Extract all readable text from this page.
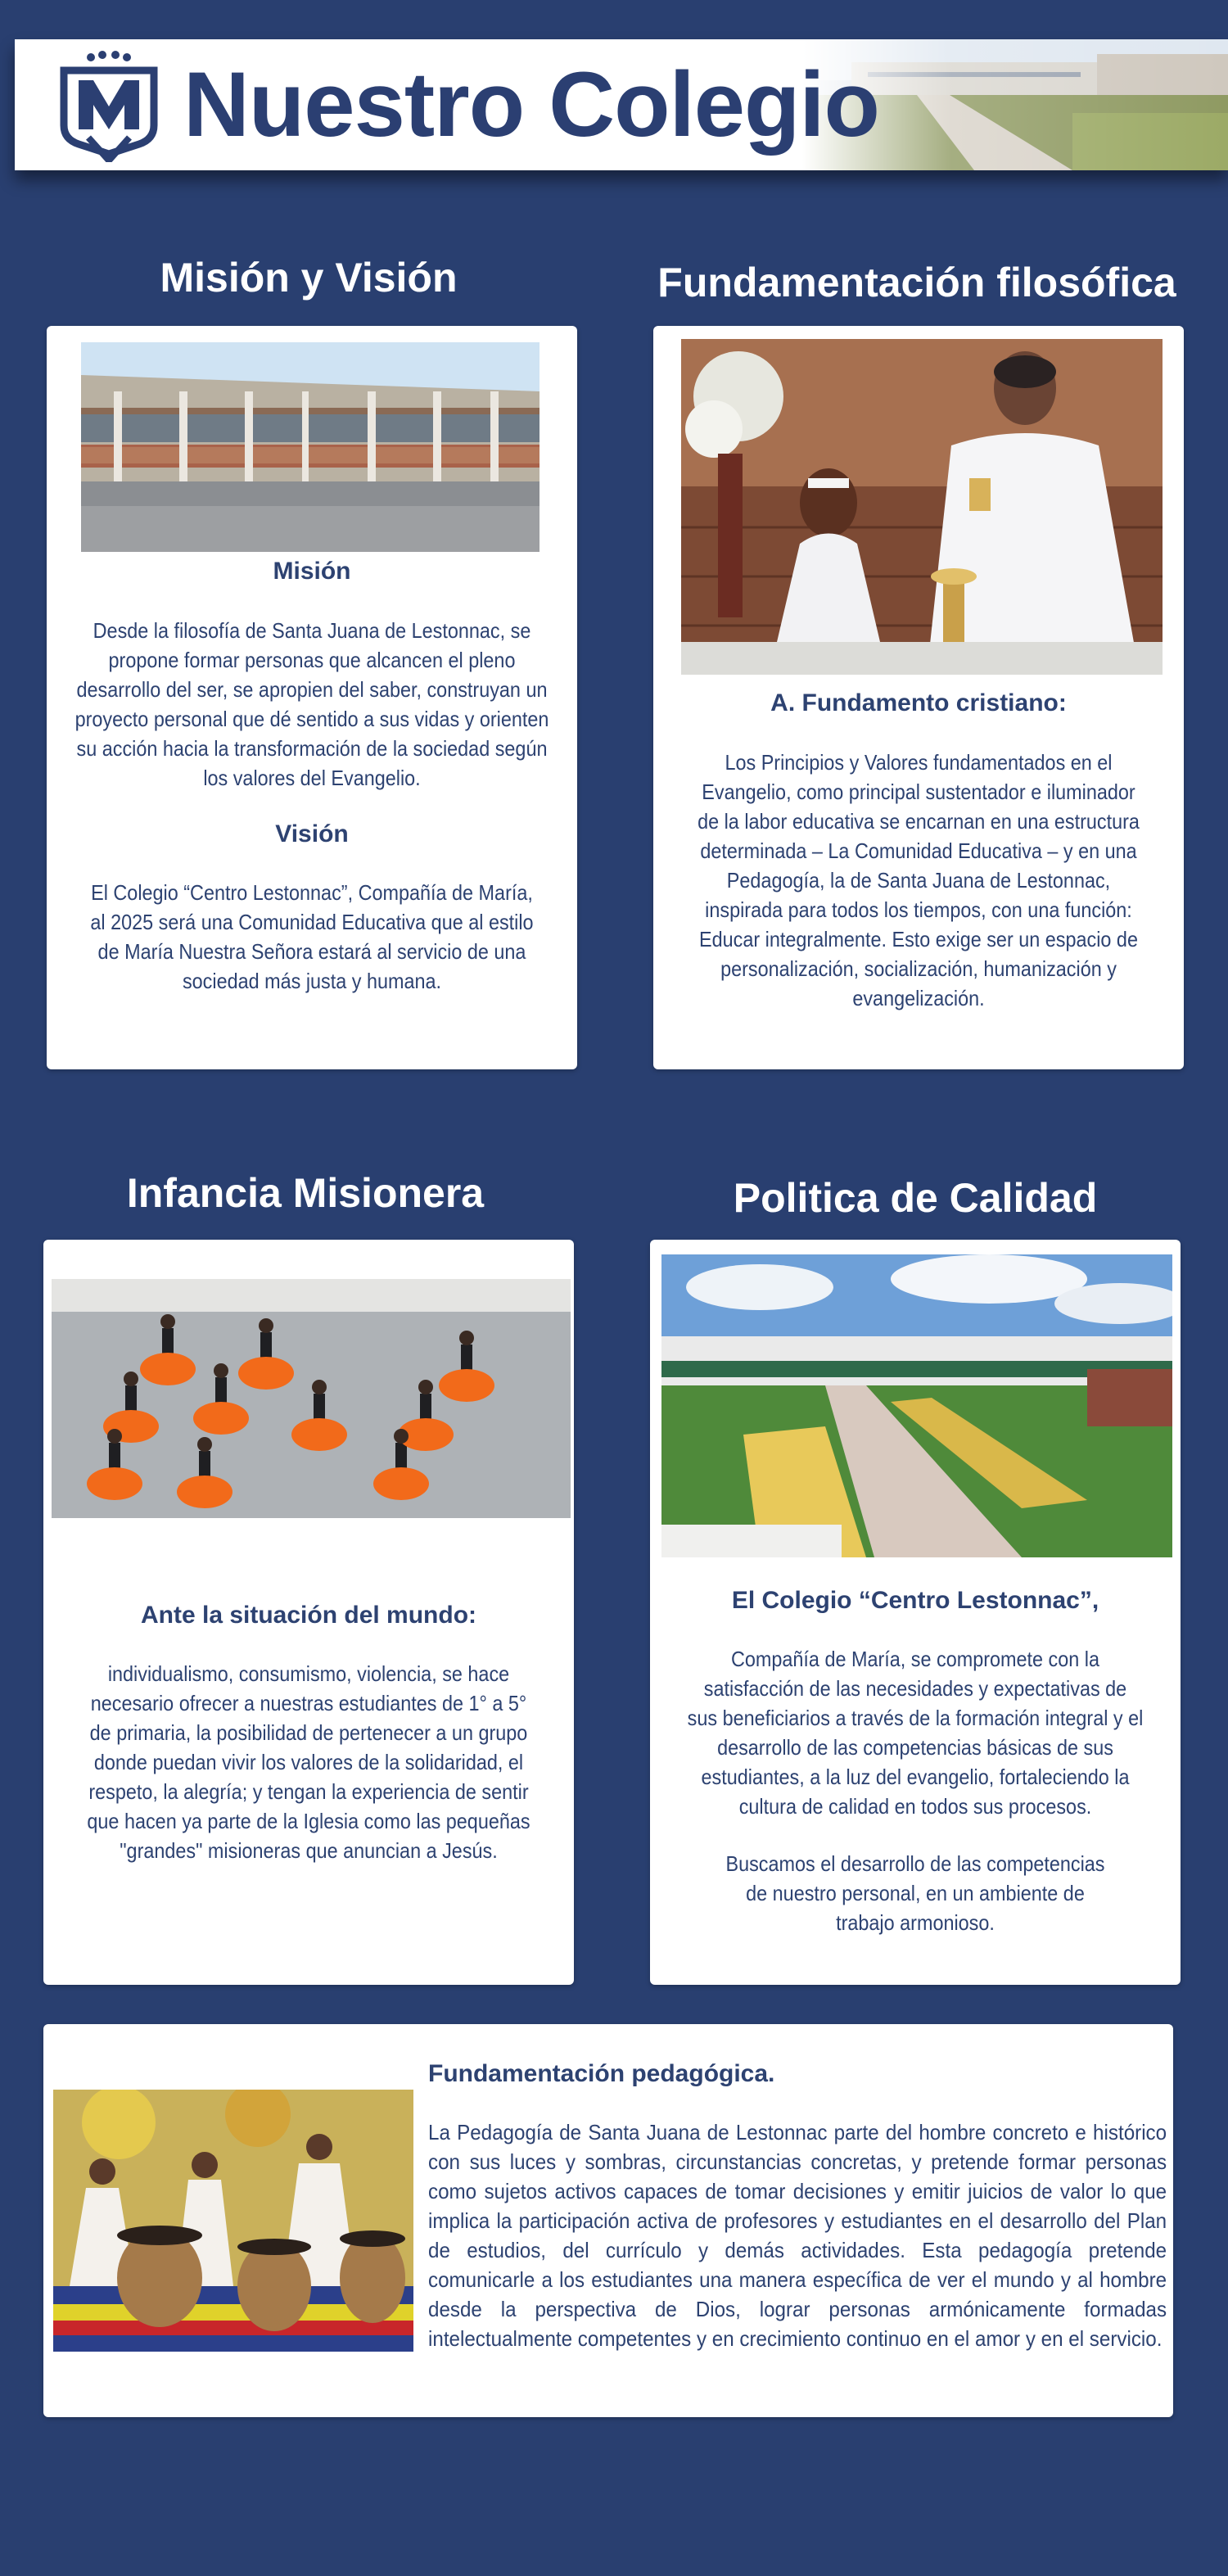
Nuestro Colegio
Misión y Visión
Misión
Desde la filosofía de Santa Juana de Lestonnac, se propone formar personas que alcancen el pleno desarrollo del ser, se apropien del saber, construyan un proyecto personal que dé sentido a sus vidas y orienten su acción hacia la transformación de la sociedad según los valores del Evangelio.
Visión
El Colegio “Centro Lestonnac”, Compañía de María, al 2025 será una Comunidad Educativa que al estilo de María Nuestra Señora estará al servicio de una sociedad más justa y humana.
Fundamentación filosófica
A. Fundamento cristiano:
Los Principios y Valores fundamentados en el Evangelio, como principal sustentador e iluminador de la labor educativa se encarnan en una estructura determinada – La Comunidad Educativa – y en una Pedagogía, la de Santa Juana de Lestonnac, inspirada para todos los tiempos, con una función: Educar integralmente. Esto exige ser un espacio de personalización, socialización, humanización y evangelización.
Infancia Misionera
Ante la situación del mundo:
individualismo, consumismo, violencia, se hace necesario ofrecer a nuestras estudiantes de 1° a 5° de primaria, la posibilidad de pertenecer a un grupo donde puedan vivir los valores de la solidaridad, el respeto, la alegría; y tengan la experiencia de sentir que hacen ya parte de la Iglesia como las pequeñas "grandes" misioneras que anuncian a Jesús.
Politica de Calidad
El Colegio “Centro Lestonnac”,
Compañía de María, se compromete con la satisfacción de las necesidades y expectativas de sus beneficiarios a través de la formación integral y el desarrollo de las competencias básicas de sus estudiantes, a la luz del evangelio, fortaleciendo la cultura de calidad en todos sus procesos.
Buscamos el desarrollo de las competencias de nuestro personal, en un ambiente de trabajo armonioso.
Fundamentación pedagógica.
La Pedagogía de Santa Juana de Lestonnac parte del hombre concreto e histórico con sus luces y sombras, circunstancias concretas, y pretende formar personas como sujetos activos capaces de tomar decisiones y emitir juicios de valor lo que implica la participación activa de profesores y estudiantes en el desarrollo del Plan de estudios, del currículo y demás actividades. Esta pedagogía pretende comunicarle a los estudiantes una manera específica de ver el mundo y al hombre desde la perspectiva de Dios, lograr personas armónicamente formadas intelectualmente competentes y en crecimiento continuo en el amor y en el servicio.
